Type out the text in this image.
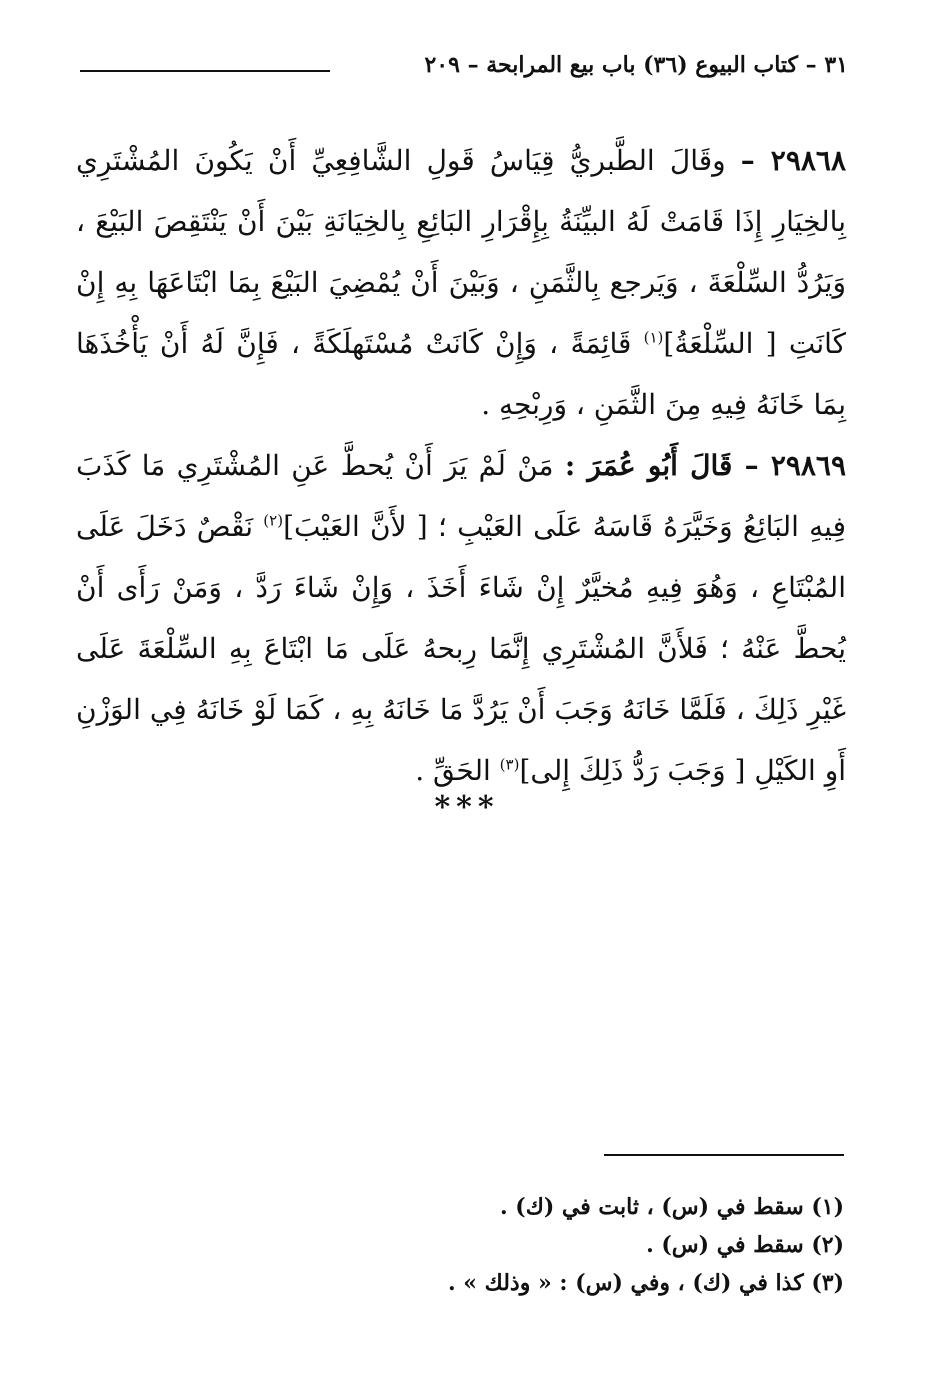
٣١ – كتاب البيوع (٣٦) باب بيع المرابحة – ٢٠٩

٢٩٨٦٨ – وقَالَ الطَّبريُّ قِيَاسُ قَولِ الشَّافِعِيِّ أَنْ يَكُونَ المُشْتَرِي بِالخِيَارِ إِذَا قَامَتْ لَهُ البيِّنَةُ بِإِقْرَارِ البَائِعِ بِالخِيَانَةِ بَيْنَ أَنْ يَنْتَقِصَ البَيْعَ ، وَيَرُدُّ السِّلْعَةَ ، وَيَرجع بِالثَّمَنِ ، وَبَيْنَ أَنْ يُمْضِيَ البَيْعَ بِمَا ابْتَاعَهَا بِهِ إِنْ كَانَتِ [ السِّلْعَةُ]$^{(١)}$ قَائِمَةً ، وَإِنْ كَانَتْ مُسْتَهلَكَةً ، فَإِنَّ لَهُ أَنْ يَأْخُذَهَا بِمَا خَانَهُ فِيهِ مِنَ الثَّمَنِ ، وَرِبْحِهِ .

٢٩٨٦٩ – قَالَ أَبُو عُمَرَ : مَنْ لَمْ يَرَ أَنْ يُحطَّ عَنِ المُشْتَرِي مَا كَذَبَ فِيهِ البَائِعُ وَخَيَّرَهُ قَاسَهُ عَلَى العَيْبِ ؛ [ لأَنَّ العَيْبَ]$^{(٢)}$ نَقْصٌ دَخَلَ عَلَى المُبْتَاعِ ، وَهُوَ فِيهِ مُخيَّرٌ إِنْ شَاءَ أَخَذَ ، وَإِنْ شَاءَ رَدَّ ، وَمَنْ رَأَى أَنْ يُحطَّ عَنْهُ ؛ فَلأَنَّ المُشْتَرِي إِنَّمَا رِبحهُ عَلَى مَا ابْتَاعَ بِهِ السِّلْعَةَ عَلَى غَيْرِ ذَلِكَ ، فَلَمَّا خَانَهُ وَجَبَ أَنْ يَرُدَّ مَا خَانَهُ بِهِ ، كَمَا لَوْ خَانَهُ فِي الوَزْنِ أَوِ الكَيْلِ [ وَجَبَ رَدُّ ذَلِكَ إِلى]$^{(٣)}$ الحَقِّ .

***

(١) سقط في (س) ، ثابت في (ك) .

(٢) سقط في (س) .

(٣) كذا في (ك) ، وفي (س) : « وذلك » .
